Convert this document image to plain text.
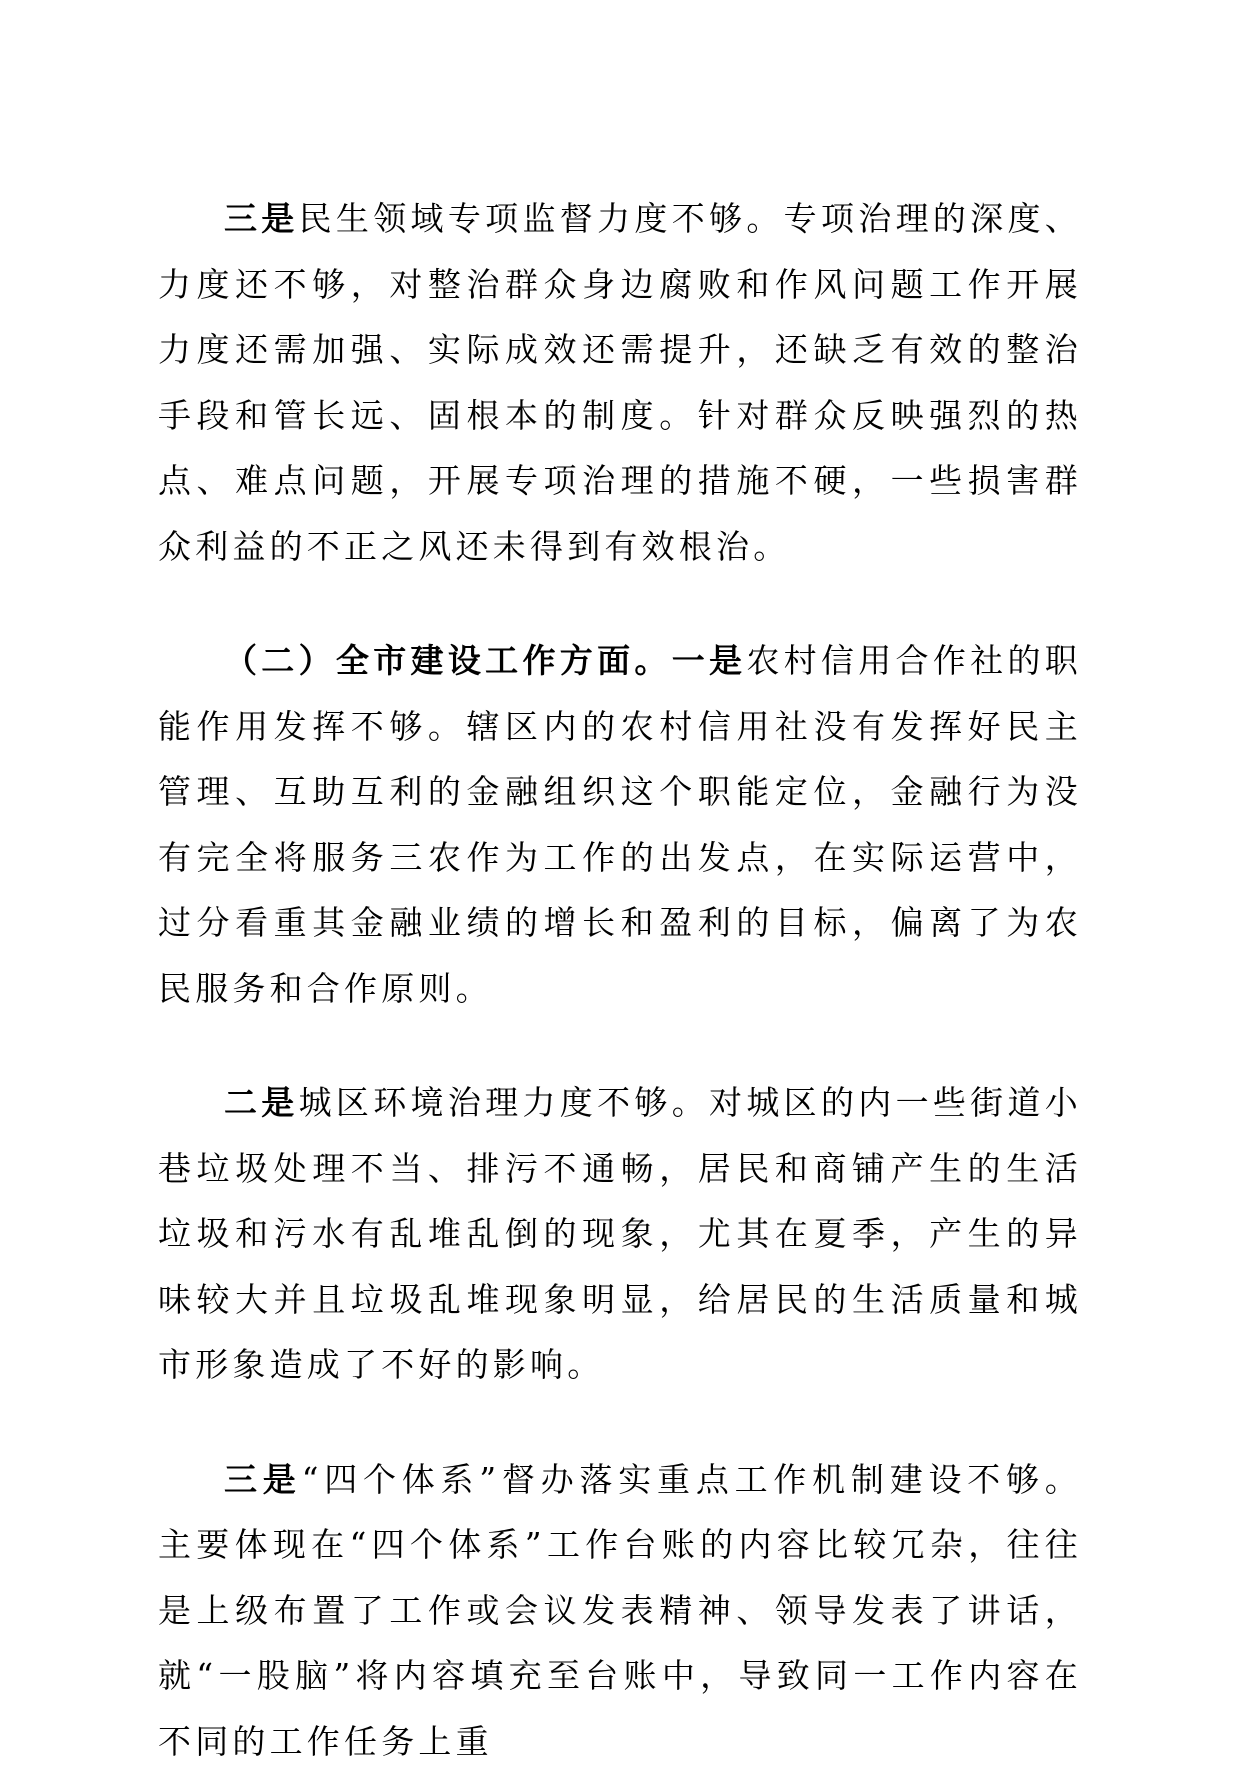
三是民生领域专项监督力度不够。专项治理的深度、力度还不够，对整治群众身边腐败和作风问题工作开展力度还需加强、实际成效还需提升，还缺乏有效的整治手段和管长远、固根本的制度。针对群众反映强烈的热点、难点问题，开展专项治理的措施不硬，一些损害群众利益的不正之风还未得到有效根治。

（二）全市建设工作方面。一是农村信用合作社的职能作用发挥不够。辖区内的农村信用社没有发挥好民主管理、互助互利的金融组织这个职能定位，金融行为没有完全将服务三农作为工作的出发点，在实际运营中，过分看重其金融业绩的增长和盈利的目标，偏离了为农民服务和合作原则。

二是城区环境治理力度不够。对城区的内一些街道小巷垃圾处理不当、排污不通畅，居民和商铺产生的生活垃圾和污水有乱堆乱倒的现象，尤其在夏季，产生的异味较大并且垃圾乱堆现象明显，给居民的生活质量和城市形象造成了不好的影响。

三是“四个体系”督办落实重点工作机制建设不够。主要体现在“四个体系”工作台账的内容比较冗杂，往往是上级布置了工作或会议发表精神、领导发表了讲话，就“一股脑”将内容填充至台账中，导致同一工作内容在不同的工作任务上重
